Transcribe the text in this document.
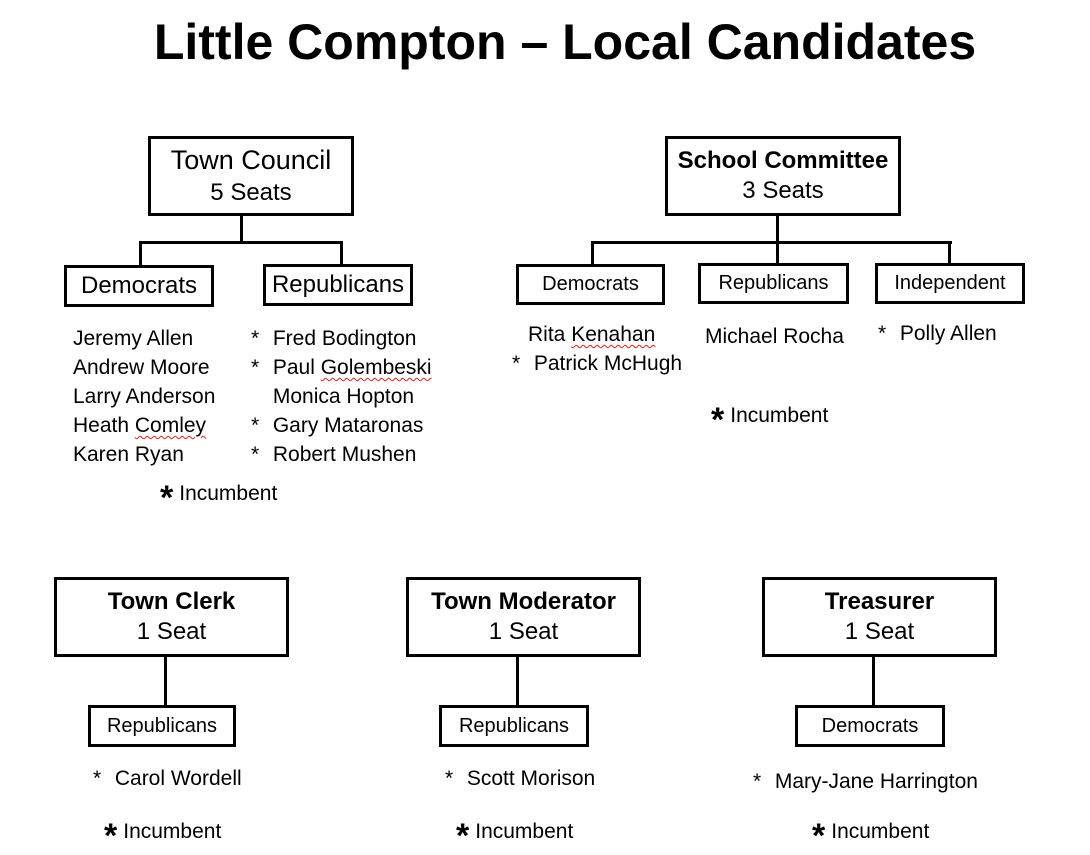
Little Compton – Local Candidates
Town Council
5 Seats
Democrats	Republicans
Jeremy Allen
Andrew Moore
Larry Anderson
Heath Comley
Karen Ryan
* Fred Bodington
* Paul Golembeski
Monica Hopton
* Gary Mataronas
* Robert Mushen
* Incumbent
School Committee
3 Seats
Democrats	Republicans	Independent
Rita Kenahan
* Patrick McHugh
Michael Rocha * Polly Allen
* Incumbent
Town Clerk
1 Seat
Republicans
* Carol Wordell
* Incumbent
Town Moderator
1 Seat
Republicans
* Scott Morison
* Incumbent
Treasurer
1 Seat
Democrats
* Mary-Jane Harrington
* Incumbent
